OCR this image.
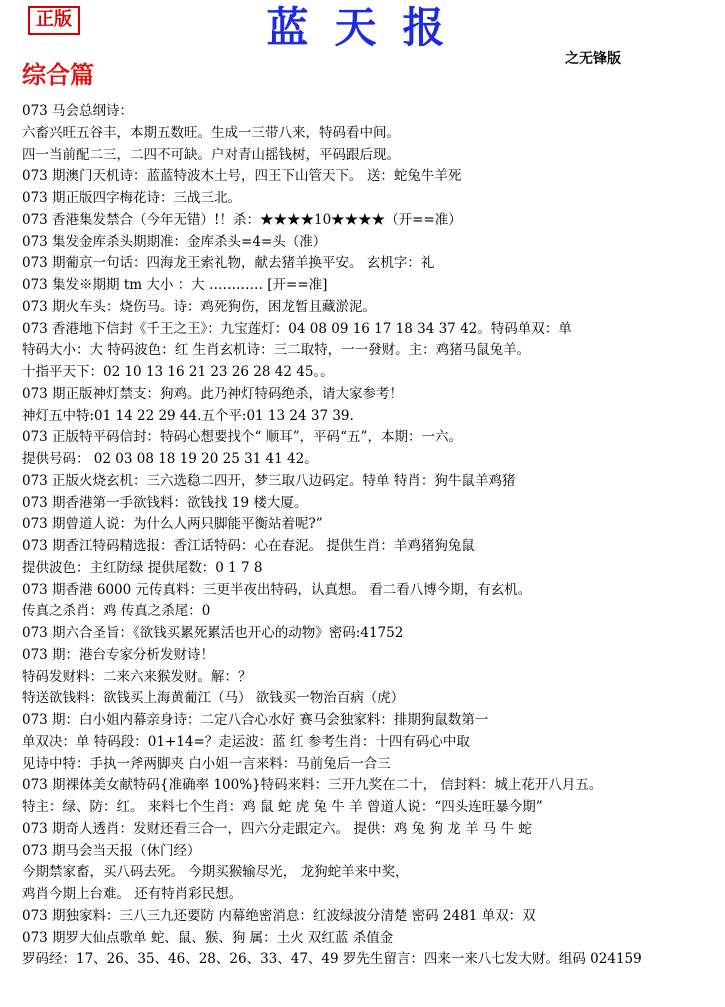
正版	蓝天报
之无锋版
综合篇
073 马会总纲诗：
六畜兴旺五谷丰，本期五数旺。生成一三带八来，特码看中间。
四一当前配二三，二四不可缺。户对青山摇钱树，平码跟后现。
073 期澳门天机诗：蓝蓝特波木土号，四王下山管天下。 送：蛇兔牛羊死
073 期正版四字梅花诗：三战三北。
073 香港集发禁合（今年无错）!！杀：★★★★10★★★★（开==准）
073 集发金库杀头期期准：金库杀头=4=头（准）
073 期葡京一句话：四海龙王索礼物，献去猪羊换平安。 玄机字：礼
073 集发※期期 tm 大小 ：大 ………… [开==准]
073 期火车头：烧伤马。诗：鸡死狗伤，困龙暂且藏淤泥。
073 香港地下信封《千王之王》：九宝莲灯：04 08 09 16 17 18 34 37 42。特码单双：单
特码大小：大 特码波色：红 生肖玄机诗：三二取特，一一發财。主：鸡猪马鼠兔羊。
十指平天下：02 10 13 16 21 23 26 28 42 45。。
073 期正版神灯禁支：狗鸡。此乃神灯特码绝杀，请大家参考！
神灯五中特:01 14 22 29 44.五个平:01 13 24 37 39.
073 正版特平码信封：特码心想要找个“ 顺耳”，平码“五”，本期：一六。
提供号码： 02 03 08 18 19 20 25 31 41 42。
073 正版火烧玄机：三六选稳二四开，梦三取八边码定。特单 特肖：狗牛鼠羊鸡猪
073 期香港第一手欲钱料：欲钱找 19 楼大厦。
073 期曾道人说：为什么人两只脚能平衡站着呢?”
073 期香江特码精选报：香江话特码：心在春泥。 提供生肖：羊鸡猪狗兔鼠
提供波色：主红防绿 提供尾数：0 1 7 8
073 期香港 6000 元传真料：三更半夜出特码，认真想。 看二看八博今期，有玄机。
传真之杀肖：鸡 传真之杀尾：0
073 期六合圣旨：《欲钱买累死累活也开心的动物》密码:41752
073 期：港台专家分析发财诗！
特码发财料：二来六来猴发财。解：？
特送欲钱料：欲钱买上海黄葡江（马） 欲钱买一物治百病（虎）
073 期：白小姐内幕亲身诗：二定八合心水好 赛马会独家料：排期狗鼠数第一
单双决：单 特码段：01+14=？走运波：蓝 红 参考生肖：十四有码心中取
见诗中特：手执一斧两脚夹 白小姐一言来料：马前兔后一合三
073 期裸体美女献特码{准确率 100%}特码来料：三开九奖在二十， 信封料：城上花开八月五。
特主：绿、防：红。 来料七个生肖：鸡 鼠 蛇 虎 兔 牛 羊 曾道人说：“四头连旺暴今期”
073 期奇人透肖：发财还看三合一，四六分走跟定六。 提供：鸡 兔 狗 龙 羊 马 牛 蛇
073 期马会当天报（休门经）
今期禁家畜，买八码去死。 今期买猴输尽光， 龙狗蛇羊来中奖，
鸡肖今期上台难。 还有特肖彩民想。
073 期独家料：三八三九还要防 内幕绝密消息：红波绿波分清楚 密码 2481 单双：双
073 期罗大仙点歌单 蛇、鼠、猴、狗 属：土火 双红蓝 杀值金
罗码经：17、26、35、46、28、26、33、47、49 罗先生留言：四来一来八七发大财。组码 024159
